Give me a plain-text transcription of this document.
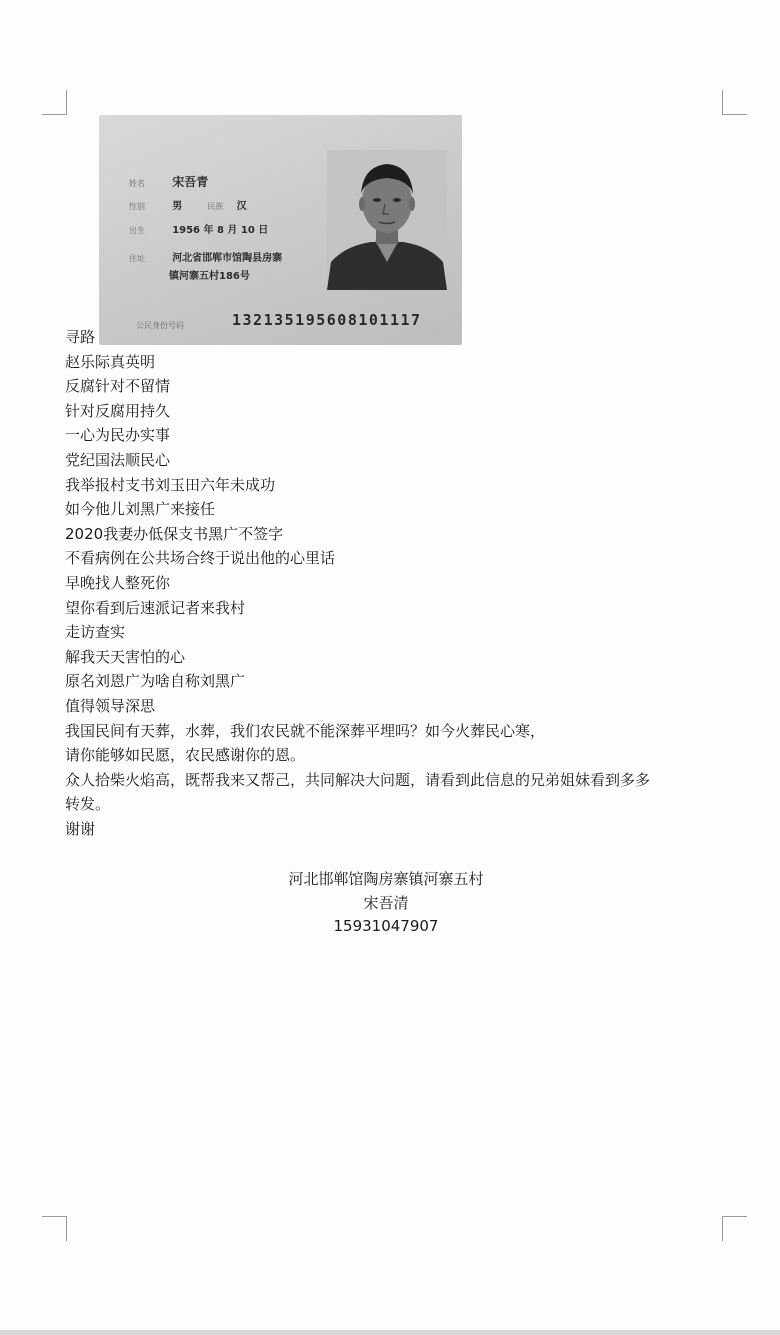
姓名 宋吾青
性别	男	民族 汉
出生	1956 年 8 月 10 日
住址	河北省邯郸市馆陶县房寨
镇河寨五村186号
公民身份号码	132135195608101117
寻路
赵乐际真英明
反腐针对不留情
针对反腐用持久
一心为民办实事
党纪国法顺民心
我举报村支书刘玉田六年未成功
如今他儿刘黑广来接任
2020我妻办低保支书黑广不签字
不看病例在公共场合终于说出他的心里话
早晚找人整死你
望你看到后速派记者来我村
走访查实
解我天天害怕的心
原名刘恩广为啥自称刘黑广
值得领导深思
我国民间有天葬，水葬，我们农民就不能深葬平埋吗？如今火葬民心寒，
请你能够如民愿，农民感谢你的恩。
众人拾柴火焰高，既帮我来又帮己，共同解决大问题，请看到此信息的兄弟姐妹看到多多
转发。
谢谢
河北邯郸馆陶房寨镇河寨五村
宋吾清
15931047907
